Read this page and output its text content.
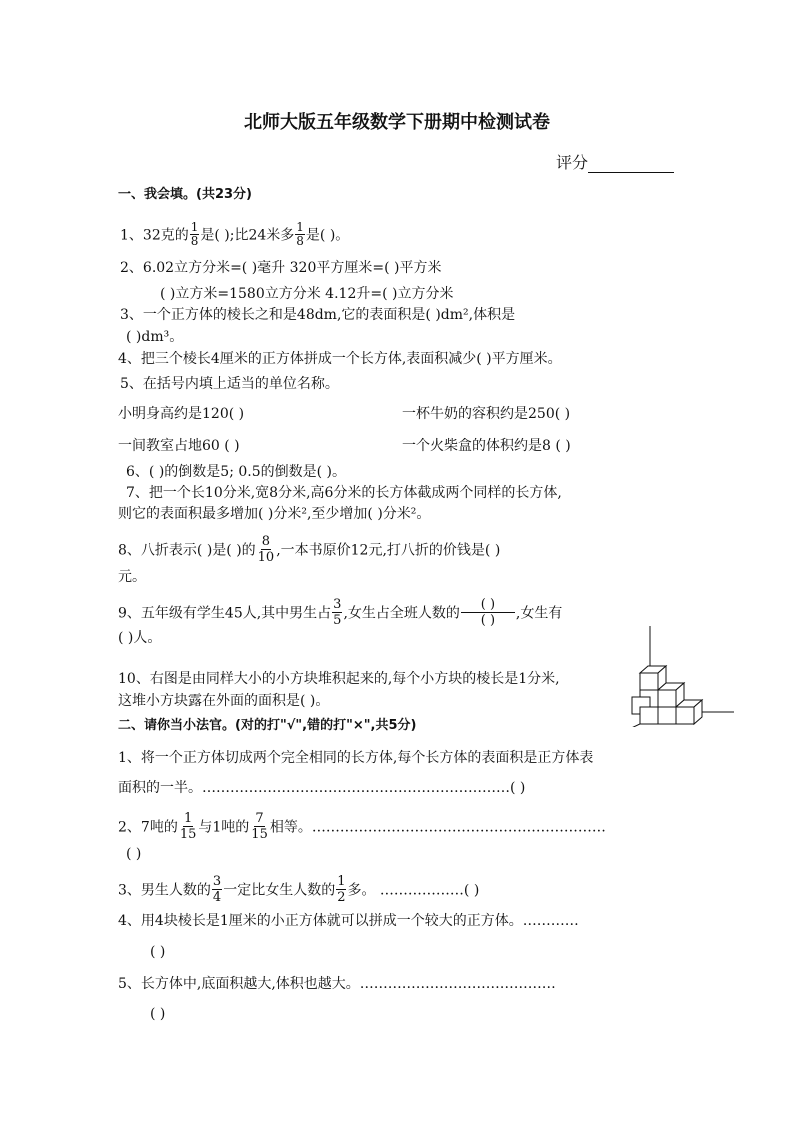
北师大版五年级数学下册期中检测试卷
评分
一、我会填。(共23分)
1、32克的 $\frac{1}{8}$ 是( );比24米多 $\frac{1}{8}$ 是( )。
2、6.02立方分米=( )毫升 320平方厘米=( )平方米
( )立方米=1580立方分米 4.12升=( )立方分米
3、一个正方体的棱长之和是48dm,它的表面积是( )dm²,体积是
( )dm³。
4、把三个棱长4厘米的正方体拼成一个长方体,表面积减少( )平方厘米。
5、在括号内填上适当的单位名称。
小明身高约是120( )	一杯牛奶的容积约是250( )
一间教室占地60 ( )	一个火柴盒的体积约是8 ( )
6、( )的倒数是5; 0.5的倒数是( )。
7、把一个长10分米,宽8分米,高6分米的长方体截成两个同样的长方体,
则它的表面积最多增加( )分米²,至少增加( )分米²。
8、八折表示( )是( )的 $\frac{8}{10}$ ,一本书原价12元,打八折的价钱是( )
元。
9、五年级有学生45人,其中男生占 $\frac{3}{5}$ ,女生占全班人数的
( )
( )	,女生有
( )人。
10、右图是由同样大小的小方块堆积起来的,每个小方块的棱长是1分米,
这堆小方块露在外面的面积是( )。
二、请你当小法官。(对的打"√",错的打"×",共5分)
1、将一个正方体切成两个完全相同的长方体,每个长方体的表面积是正方体表
面积的一半。…………………………………………………………( )
2、7吨的 $\frac{1}{15}$ 与1吨的 $\frac{7}{15}$ 相等。………………………………………………………
( )
3、男生人数的 $\frac{3}{4}$ 一定比女生人数的 $\frac{1}{2}$ 多。 ………………( )
4、用4块棱长是1厘米的小正方体就可以拼成一个较大的正方体。…………
( )
5、长方体中,底面积越大,体积也越大。……………………………………
( )
